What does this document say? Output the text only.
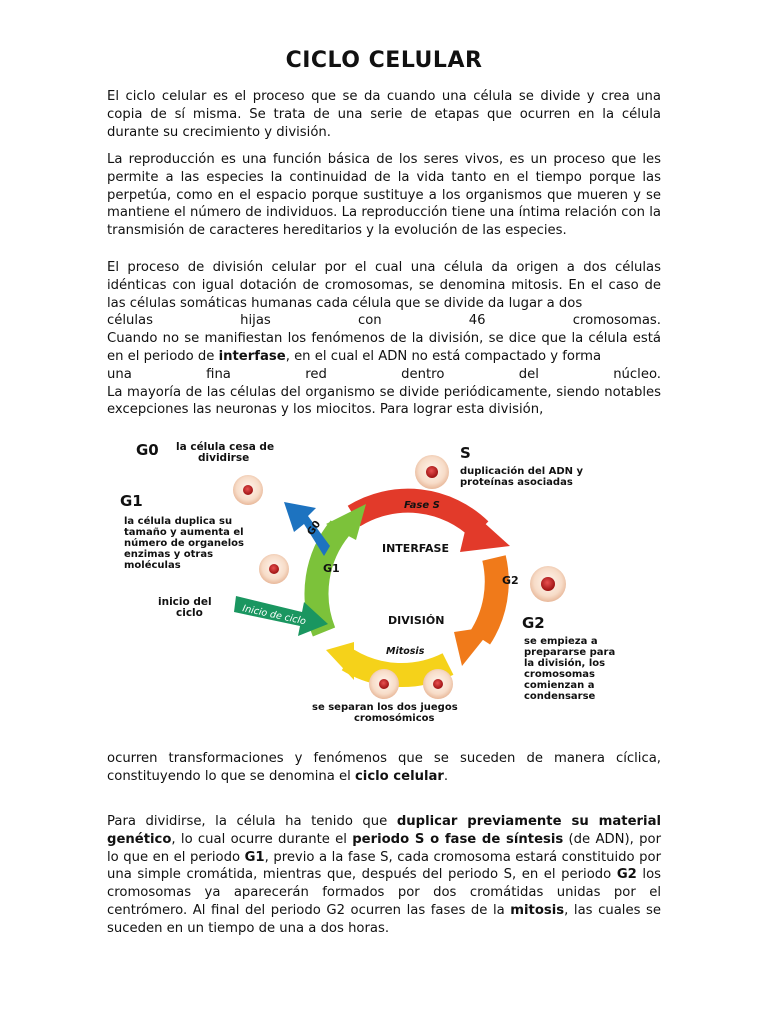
CICLO CELULAR
El ciclo celular es el proceso que se da cuando una célula se divide y crea una copia de sí misma. Se trata de una serie de etapas que ocurren en la célula durante su crecimiento y división.
La reproducción es una función básica de los seres vivos, es un proceso que les permite a las especies la continuidad de la vida tanto en el tiempo porque las perpetúa, como en el espacio porque sustituye a los organismos que mueren y se mantiene el número de individuos. La reproducción tiene una íntima relación con la transmisión de caracteres hereditarios y la evolución de las especies.
El proceso de división celular por el cual una célula da origen a dos células idénticas con igual dotación de cromosomas, se denomina mitosis. En el caso de las células somáticas humanas cada célula que se divide da lugar a dos
células	hijas	con	46	cromosomas.
Cuando no se manifiestan los fenómenos de la división, se dice que la célula está en el periodo de interfase, en el cual el ADN no está compactado y forma
una	fina	red	dentro	del	núcleo.
La mayoría de las células del organismo se divide periódicamente, siendo notables excepciones las neuronas y los miocitos. Para lograr esta división,
G0
Inicio de ciclo
Fase S
G2
G1
Mitosis
INTERFASE
DIVISIÓN
G0 la célula cesa de
dividirse
G1
la célula duplica su
tamaño y aumenta el
número de organelos
enzimas y otras
moléculas
inicio del
ciclo
S
duplicación del ADN y
proteínas asociadas
G2
se empieza a
prepararse para
la división, los
cromosomas
comienzan a
condensarse
se separan los dos juegos
cromosómicos
ocurren transformaciones y fenómenos que se suceden de manera cíclica, constituyendo lo que se denomina el ciclo celular.
Para dividirse, la célula ha tenido que duplicar previamente su material genético, lo cual ocurre durante el periodo S o fase de síntesis (de ADN), por lo que en el periodo G1, previo a la fase S, cada cromosoma estará constituido por una simple cromátida, mientras que, después del periodo S, en el periodo G2 los cromosomas ya aparecerán formados por dos cromátidas unidas por el centrómero. Al final del periodo G2 ocurren las fases de la mitosis, las cuales se suceden en un tiempo de una a dos horas.
